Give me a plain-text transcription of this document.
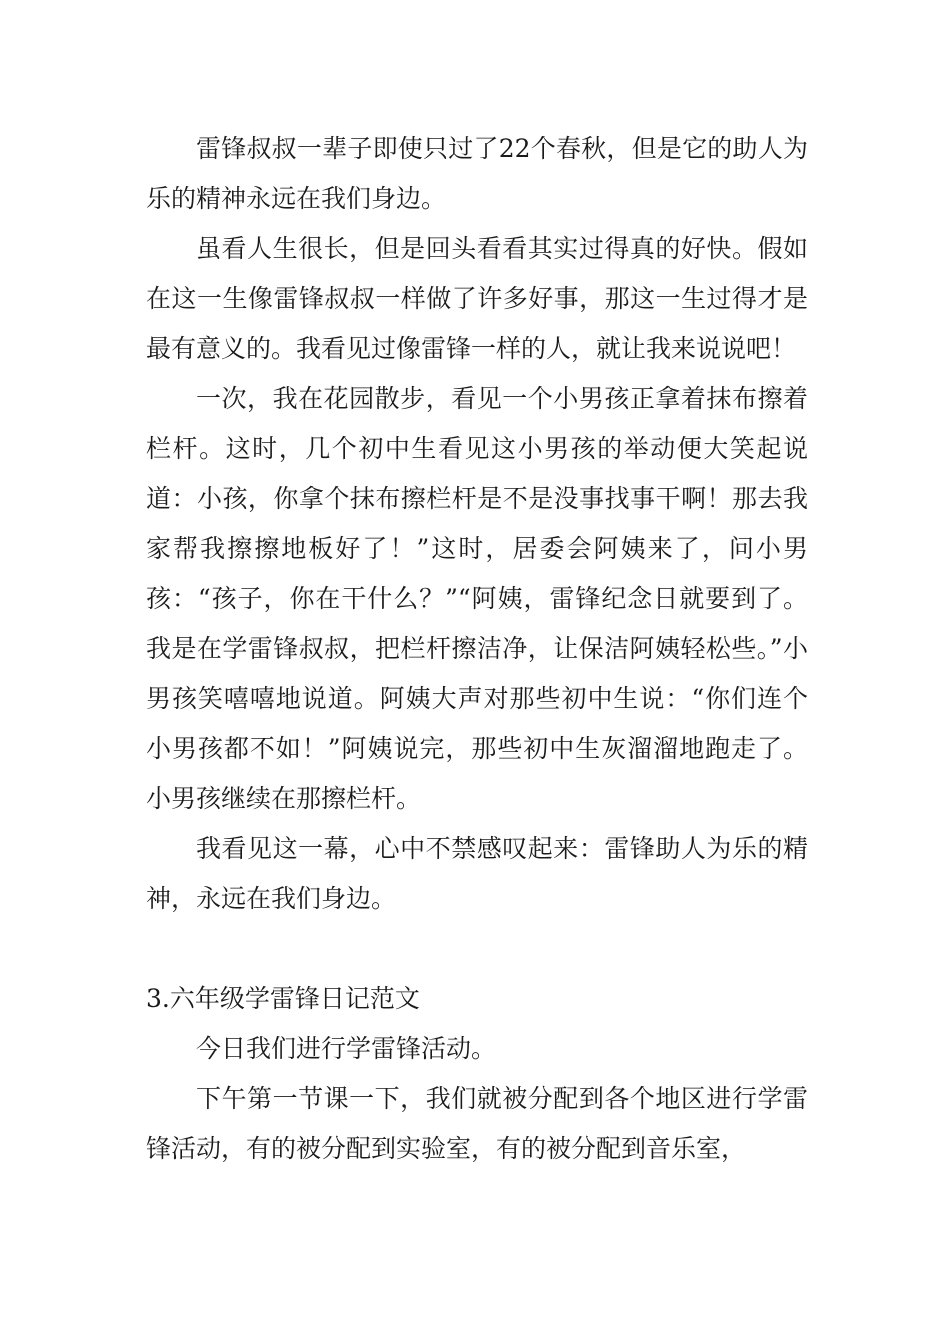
雷锋叔叔一辈子即使只过了22个春秋，但是它的助人为乐的精神永远在我们身边。

虽看人生很长，但是回头看看其实过得真的好快。假如在这一生像雷锋叔叔一样做了许多好事，那这一生过得才是最有意义的。我看见过像雷锋一样的人，就让我来说说吧！

一次，我在花园散步，看见一个小男孩正拿着抹布擦着栏杆。这时，几个初中生看见这小男孩的举动便大笑起说道：小孩，你拿个抹布擦栏杆是不是没事找事干啊！那去我家帮我擦擦地板好了！”这时，居委会阿姨来了，问小男孩：“孩子，你在干什么？”“阿姨，雷锋纪念日就要到了。我是在学雷锋叔叔，把栏杆擦洁净，让保洁阿姨轻松些。”小男孩笑嘻嘻地说道。阿姨大声对那些初中生说：“你们连个小男孩都不如！”阿姨说完，那些初中生灰溜溜地跑走了。小男孩继续在那擦栏杆。

我看见这一幕，心中不禁感叹起来：雷锋助人为乐的精神，永远在我们身边。

3.六年级学雷锋日记范文

今日我们进行学雷锋活动。

下午第一节课一下，我们就被分配到各个地区进行学雷锋活动，有的被分配到实验室，有的被分配到音乐室，
